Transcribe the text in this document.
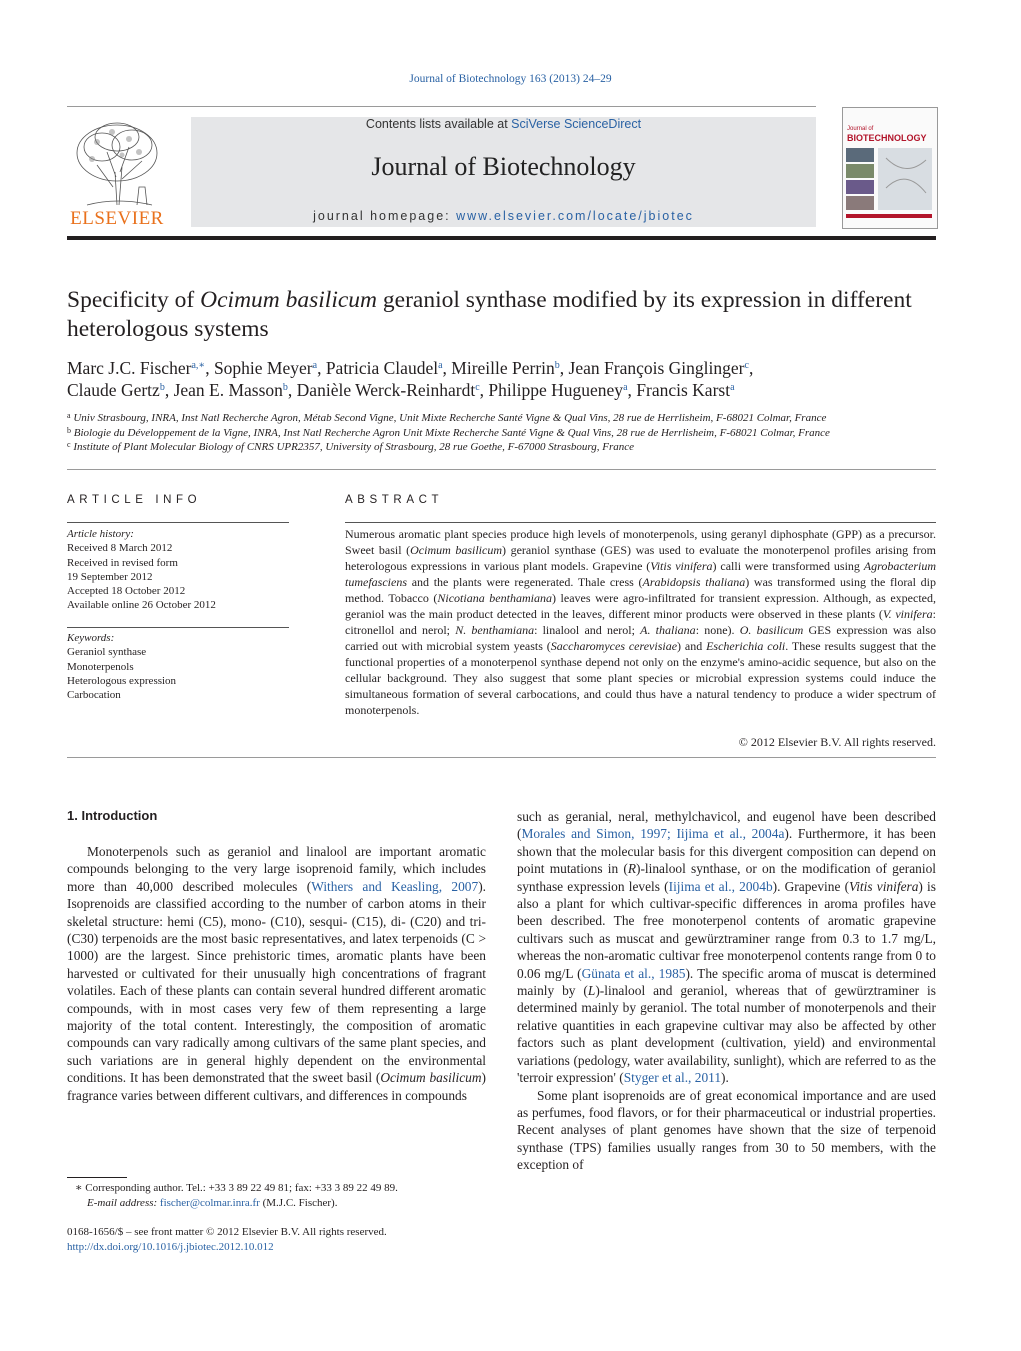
Journal of Biotechnology 163 (2013) 24–29
ELSEVIER
Contents lists available at SciVerse ScienceDirect
Journal of Biotechnology
journal homepage: www.elsevier.com/locate/jbiotec
Journal of
BIOTECHNOLOGY
Specificity of Ocimum basilicum geraniol synthase modified by its expression in different heterologous systems
Marc J.C. Fischer$^{a,∗}$, Sophie Meyer$^a$, Patricia Claudel$^a$, Mireille Perrin$^b$, Jean François Ginglinger$^c$,
Claude Gertz$^b$, Jean E. Masson$^b$, Danièle Werck-Reinhardt$^c$, Philippe Hugueney$^a$, Francis Karst$^a$
$^a$ Univ Strasbourg, INRA, Inst Natl Recherche Agron, Métab Second Vigne, Unit Mixte Recherche Santé Vigne & Qual Vins, 28 rue de Herrlisheim, F-68021 Colmar, France
$^b$ Biologie du Développement de la Vigne, INRA, Inst Natl Recherche Agron Unit Mixte Recherche Santé Vigne & Qual Vins, 28 rue de Herrlisheim, F-68021 Colmar, France
$^c$ Institute of Plant Molecular Biology of CNRS UPR2357, University of Strasbourg, 28 rue Goethe, F-67000 Strasbourg, France
ARTICLE INFO	ABSTRACT
Article history:
Received 8 March 2012
Received in revised form
19 September 2012
Accepted 18 October 2012
Available online 26 October 2012
Keywords:
Geraniol synthase
Monoterpenols
Heterologous expression
Carbocation
Numerous aromatic plant species produce high levels of monoterpenols, using geranyl diphosphate (GPP) as a precursor. Sweet basil (Ocimum basilicum) geraniol synthase (GES) was used to evaluate the monoterpenol profiles arising from heterologous expressions in various plant models. Grapevine (Vitis vinifera) calli were transformed using Agrobacterium tumefasciens and the plants were regenerated. Thale cress (Arabidopsis thaliana) was transformed using the floral dip method. Tobacco (Nicotiana benthamiana) leaves were agro-infiltrated for transient expression. Although, as expected, geraniol was the main product detected in the leaves, different minor products were observed in these plants (V. vinifera: citronellol and nerol; N. benthamiana: linalool and nerol; A. thaliana: none). O. basilicum GES expression was also carried out with microbial system yeasts (Saccharomyces cerevisiae) and Escherichia coli. These results suggest that the functional properties of a monoterpenol synthase depend not only on the enzyme's amino-acidic sequence, but also on the cellular background. They also suggest that some plant species or microbial expression systems could induce the simultaneous formation of several carbocations, and could thus have a natural tendency to produce a wider spectrum of monoterpenols.
© 2012 Elsevier B.V. All rights reserved.
1. Introduction

Monoterpenols such as geraniol and linalool are important aromatic compounds belonging to the very large isoprenoid family, which includes more than 40,000 described molecules (Withers and Keasling, 2007). Isoprenoids are classified according to the number of carbon atoms in their skeletal structure: hemi (C5), mono- (C10), sesqui- (C15), di- (C20) and tri- (C30) terpenoids are the most basic representatives, and latex terpenoids (C > 1000) are the largest. Since prehistoric times, aromatic plants have been harvested or cultivated for their unusually high concentrations of fragrant volatiles. Each of these plants can contain several hundred different aromatic compounds, with in most cases very few of them representing a large majority of the total content. Interestingly, the composition of aromatic compounds can vary radically among cultivars of the same plant species, and such variations are in general highly dependent on the environmental conditions. It has been demonstrated that the sweet basil (Ocimum basilicum) fragrance varies between different cultivars, and differences in compounds

such as geranial, neral, methylchavicol, and eugenol have been described (Morales and Simon, 1997; Iijima et al., 2004a). Furthermore, it has been shown that the molecular basis for this divergent composition can depend on point mutations in (R)-linalool synthase, or on the modification of geraniol synthase expression levels (Iijima et al., 2004b). Grapevine (Vitis vinifera) is also a plant for which cultivar-specific differences in aroma profiles have been described. The free monoterpenol contents of aromatic grapevine cultivars such as muscat and gewürztraminer range from 0.3 to 1.7 mg/L, whereas the non-aromatic cultivar free monoterpenol contents range from 0 to 0.06 mg/L (Günata et al., 1985). The specific aroma of muscat is determined mainly by (L)-linalool and geraniol, whereas that of gewürztraminer is determined mainly by geraniol. The total number of monoterpenols and their relative quantities in each grapevine cultivar may also be affected by other factors such as plant development (cultivation, yield) and environmental variations (pedology, water availability, sunlight), which are referred to as the 'terroir expression' (Styger et al., 2011).

Some plant isoprenoids are of great economical importance and are used as perfumes, food flavors, or for their pharmaceutical or industrial properties. Recent analyses of plant genomes have shown that the size of terpenoid synthase (TPS) families usually ranges from 30 to 50 members, with the exception of

∗ Corresponding author. Tel.: +33 3 89 22 49 81; fax: +33 3 89 22 49 89.
E-mail address: fischer@colmar.inra.fr (M.J.C. Fischer).
0168-1656/$ – see front matter © 2012 Elsevier B.V. All rights reserved.
http://dx.doi.org/10.1016/j.jbiotec.2012.10.012
